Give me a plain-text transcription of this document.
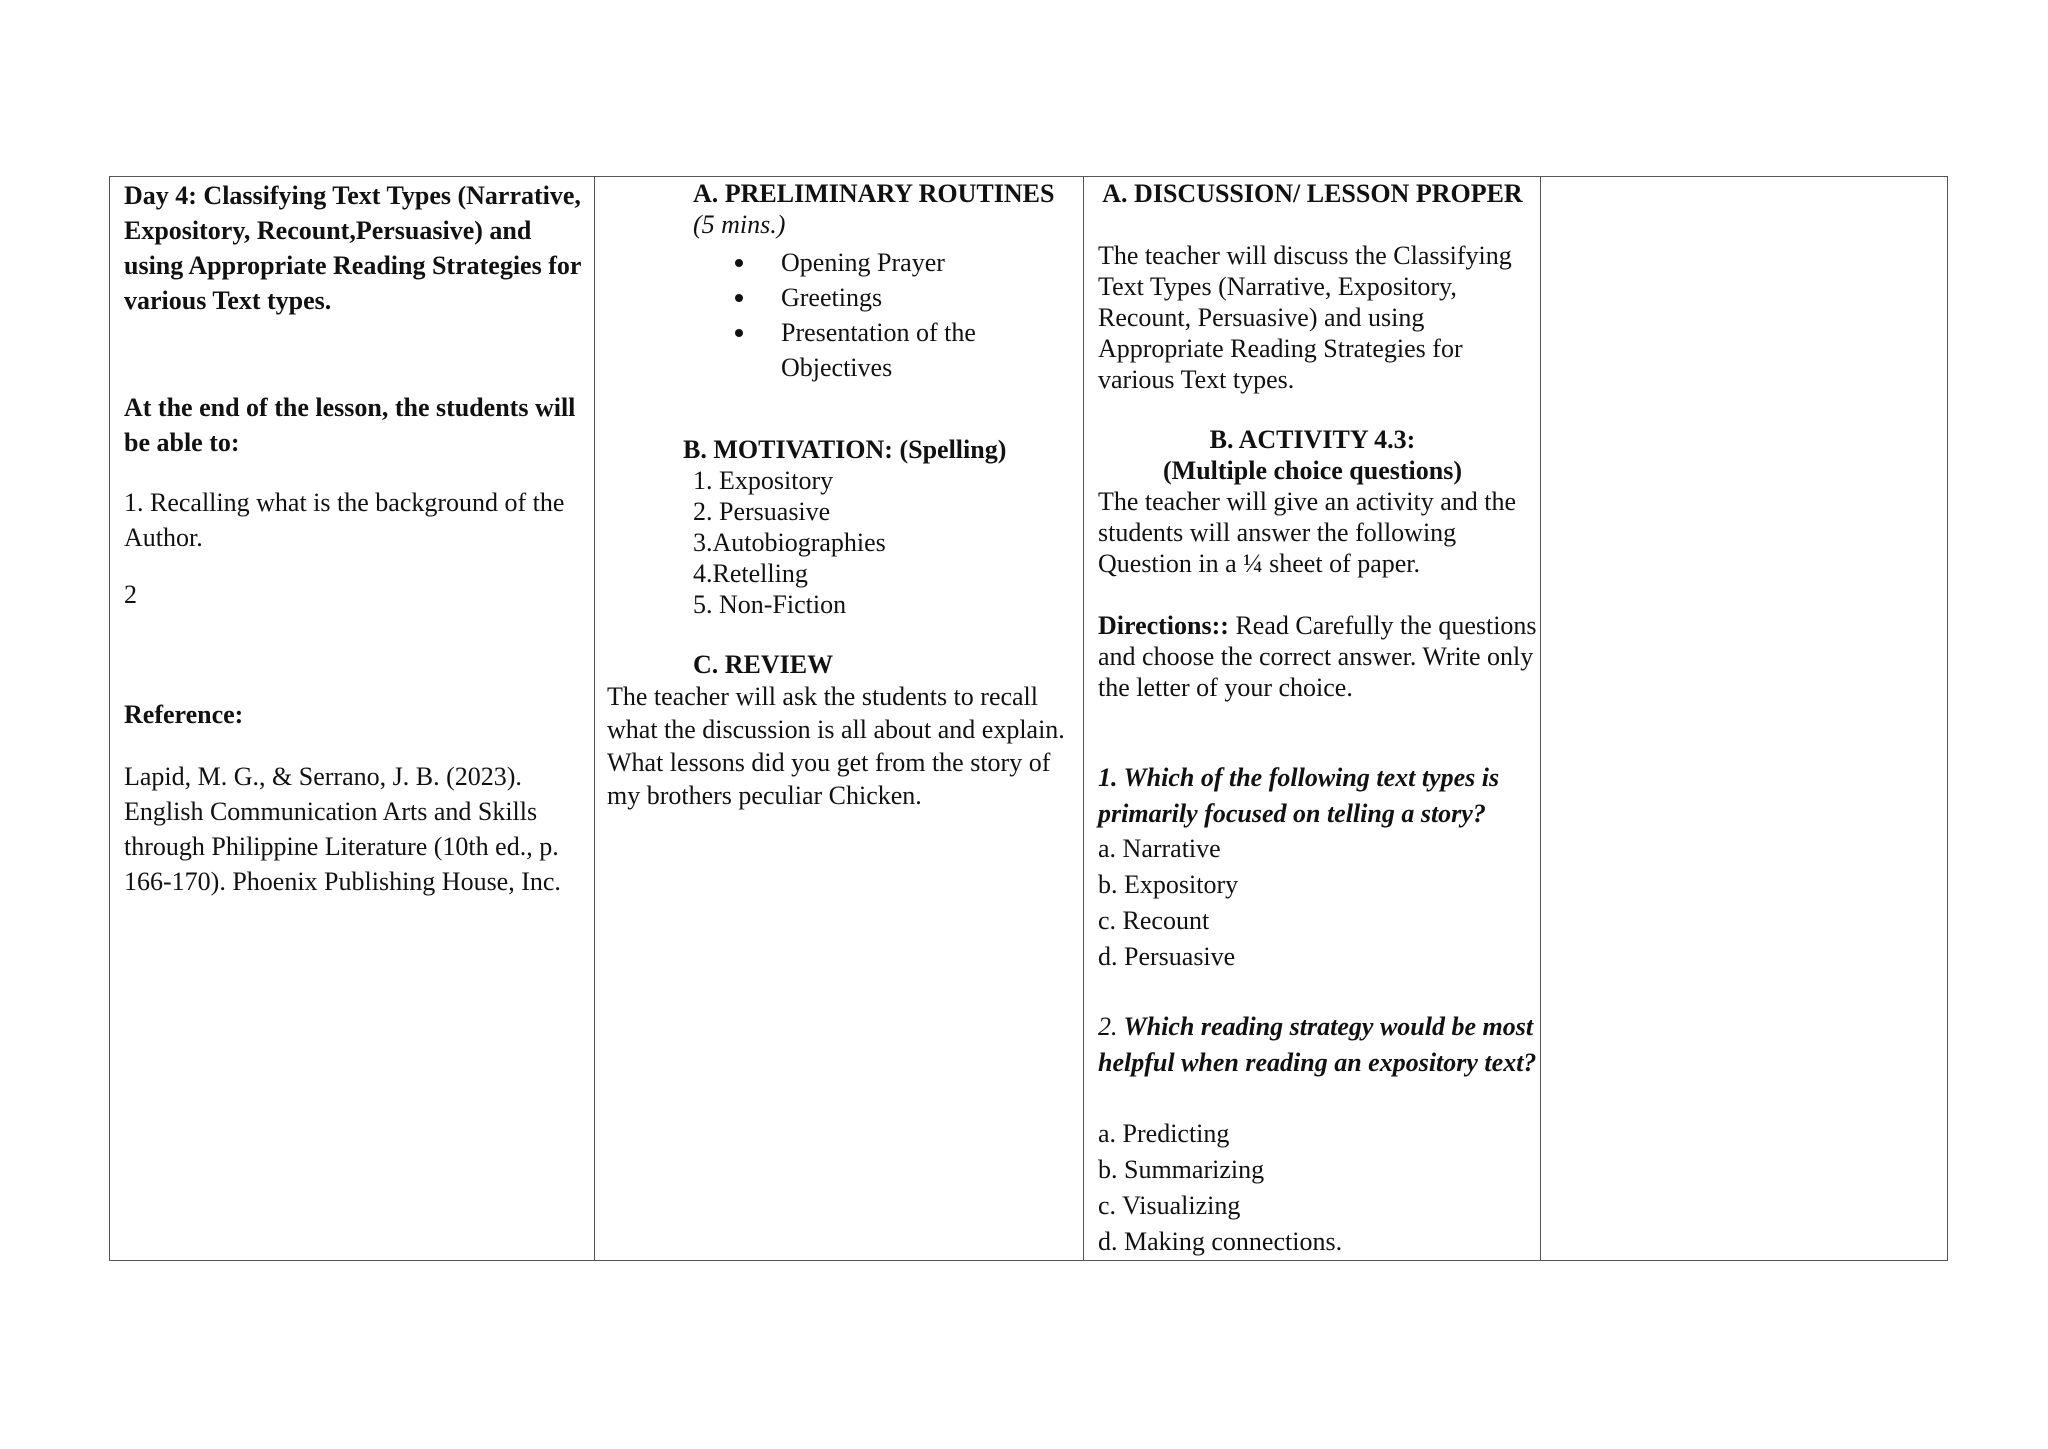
Day 4: Classifying Text Types (Narrative, Expository, Recount,Persuasive) and using Appropriate Reading Strategies for various Text types.
At the end of the lesson, the students will be able to:
1. Recalling what is the background of the Author.
2
Reference:
Lapid, M. G., & Serrano, J. B. (2023). English Communication Arts and Skills through Philippine Literature (10th ed., p. 166-170). Phoenix Publishing House, Inc.
A. PRELIMINARY ROUTINES (5 mins.)
Opening Prayer
Greetings
Presentation of the Objectives
B. MOTIVATION: (Spelling)
1. Expository
2. Persuasive
3.Autobiographies
4.Retelling
5. Non-Fiction
C. REVIEW
The teacher will ask the students to recall what the discussion is all about and explain. What lessons did you get from the story of my brothers peculiar Chicken.
A. DISCUSSION/ LESSON PROPER
The teacher will discuss the Classifying Text Types (Narrative, Expository, Recount, Persuasive) and using Appropriate Reading Strategies for various Text types.
B. ACTIVITY 4.3:
(Multiple choice questions)
The teacher will give an activity and the students will answer the following Question in a ¼ sheet of paper.
Directions:: Read Carefully the questions and choose the correct answer. Write only the letter of your choice.
1. Which of the following text types is primarily focused on telling a story?
a. Narrative
b. Expository
c. Recount
d. Persuasive
2. Which reading strategy would be most helpful when reading an expository text?
a. Predicting
b. Summarizing
c. Visualizing
d. Making connections.
